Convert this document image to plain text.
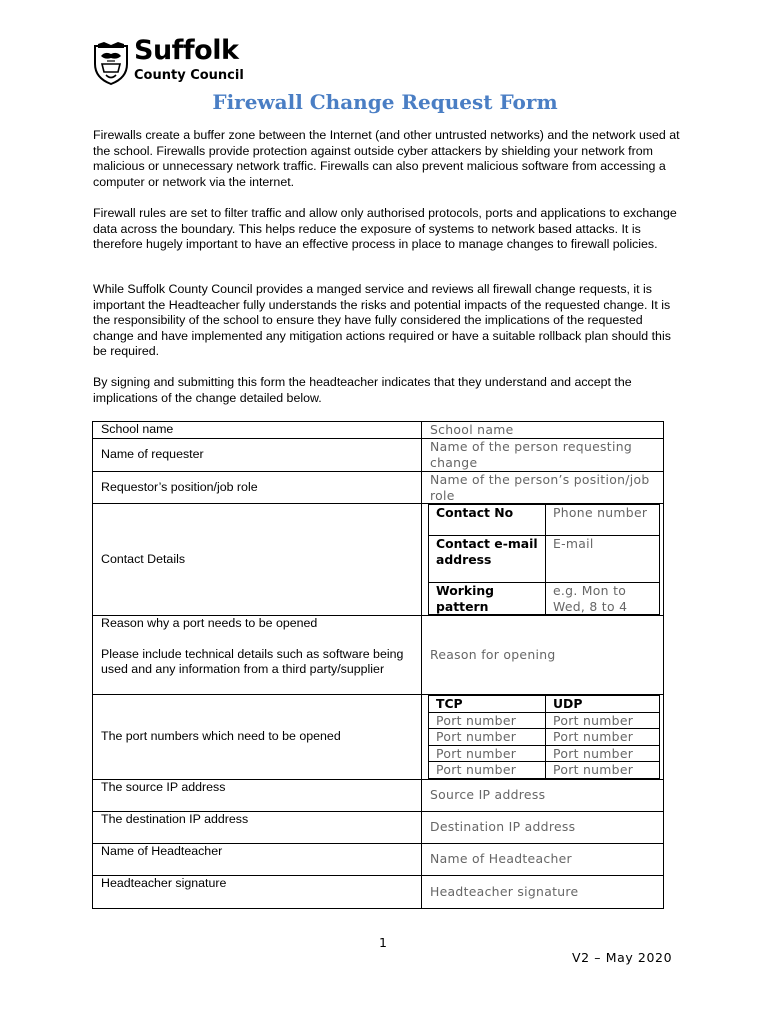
Suffolk
County Council
Firewall Change Request Form

Firewalls create a buffer zone between the Internet (and other untrusted networks) and the network used at the school. Firewalls provide protection against outside cyber attackers by shielding your network from malicious or unnecessary network traffic. Firewalls can also prevent malicious software from accessing a computer or network via the internet.

Firewall rules are set to filter traffic and allow only authorised protocols, ports and applications to exchange data across the boundary. This helps reduce the exposure of systems to network based attacks. It is therefore hugely important to have an effective process in place to manage changes to firewall policies.

While Suffolk County Council provides a manged service and reviews all firewall change requests, it is important the Headteacher fully understands the risks and potential impacts of the requested change. It is the responsibility of the school to ensure they have fully considered the implications of the requested change and have implemented any mitigation actions required or have a suitable rollback plan should this be required.

By signing and submitting this form the headteacher indicates that they understand and accept the implications of the change detailed below.

School name	School name
Name of requester	Name of the person requesting change
Requestor’s position/job role	Name of the person’s position/job role
Contact Details	
Contact No	Phone number
Contact e-mail address	E-mail
Working pattern	e.g. Mon to Wed, 8 to 4

Reason why a port needs to be opened
Please include technical details such as software being used and any information from a third party/supplier
	Reason for opening
The port numbers which need to be opened	
TCP	UDP
Port number	Port number
Port number	Port number
Port number	Port number
Port number	Port number

The source IP address	Source IP address
The destination IP address	Destination IP address
Name of Headteacher	Name of Headteacher
Headteacher signature	Headteacher signature
1
V2 – May 2020
